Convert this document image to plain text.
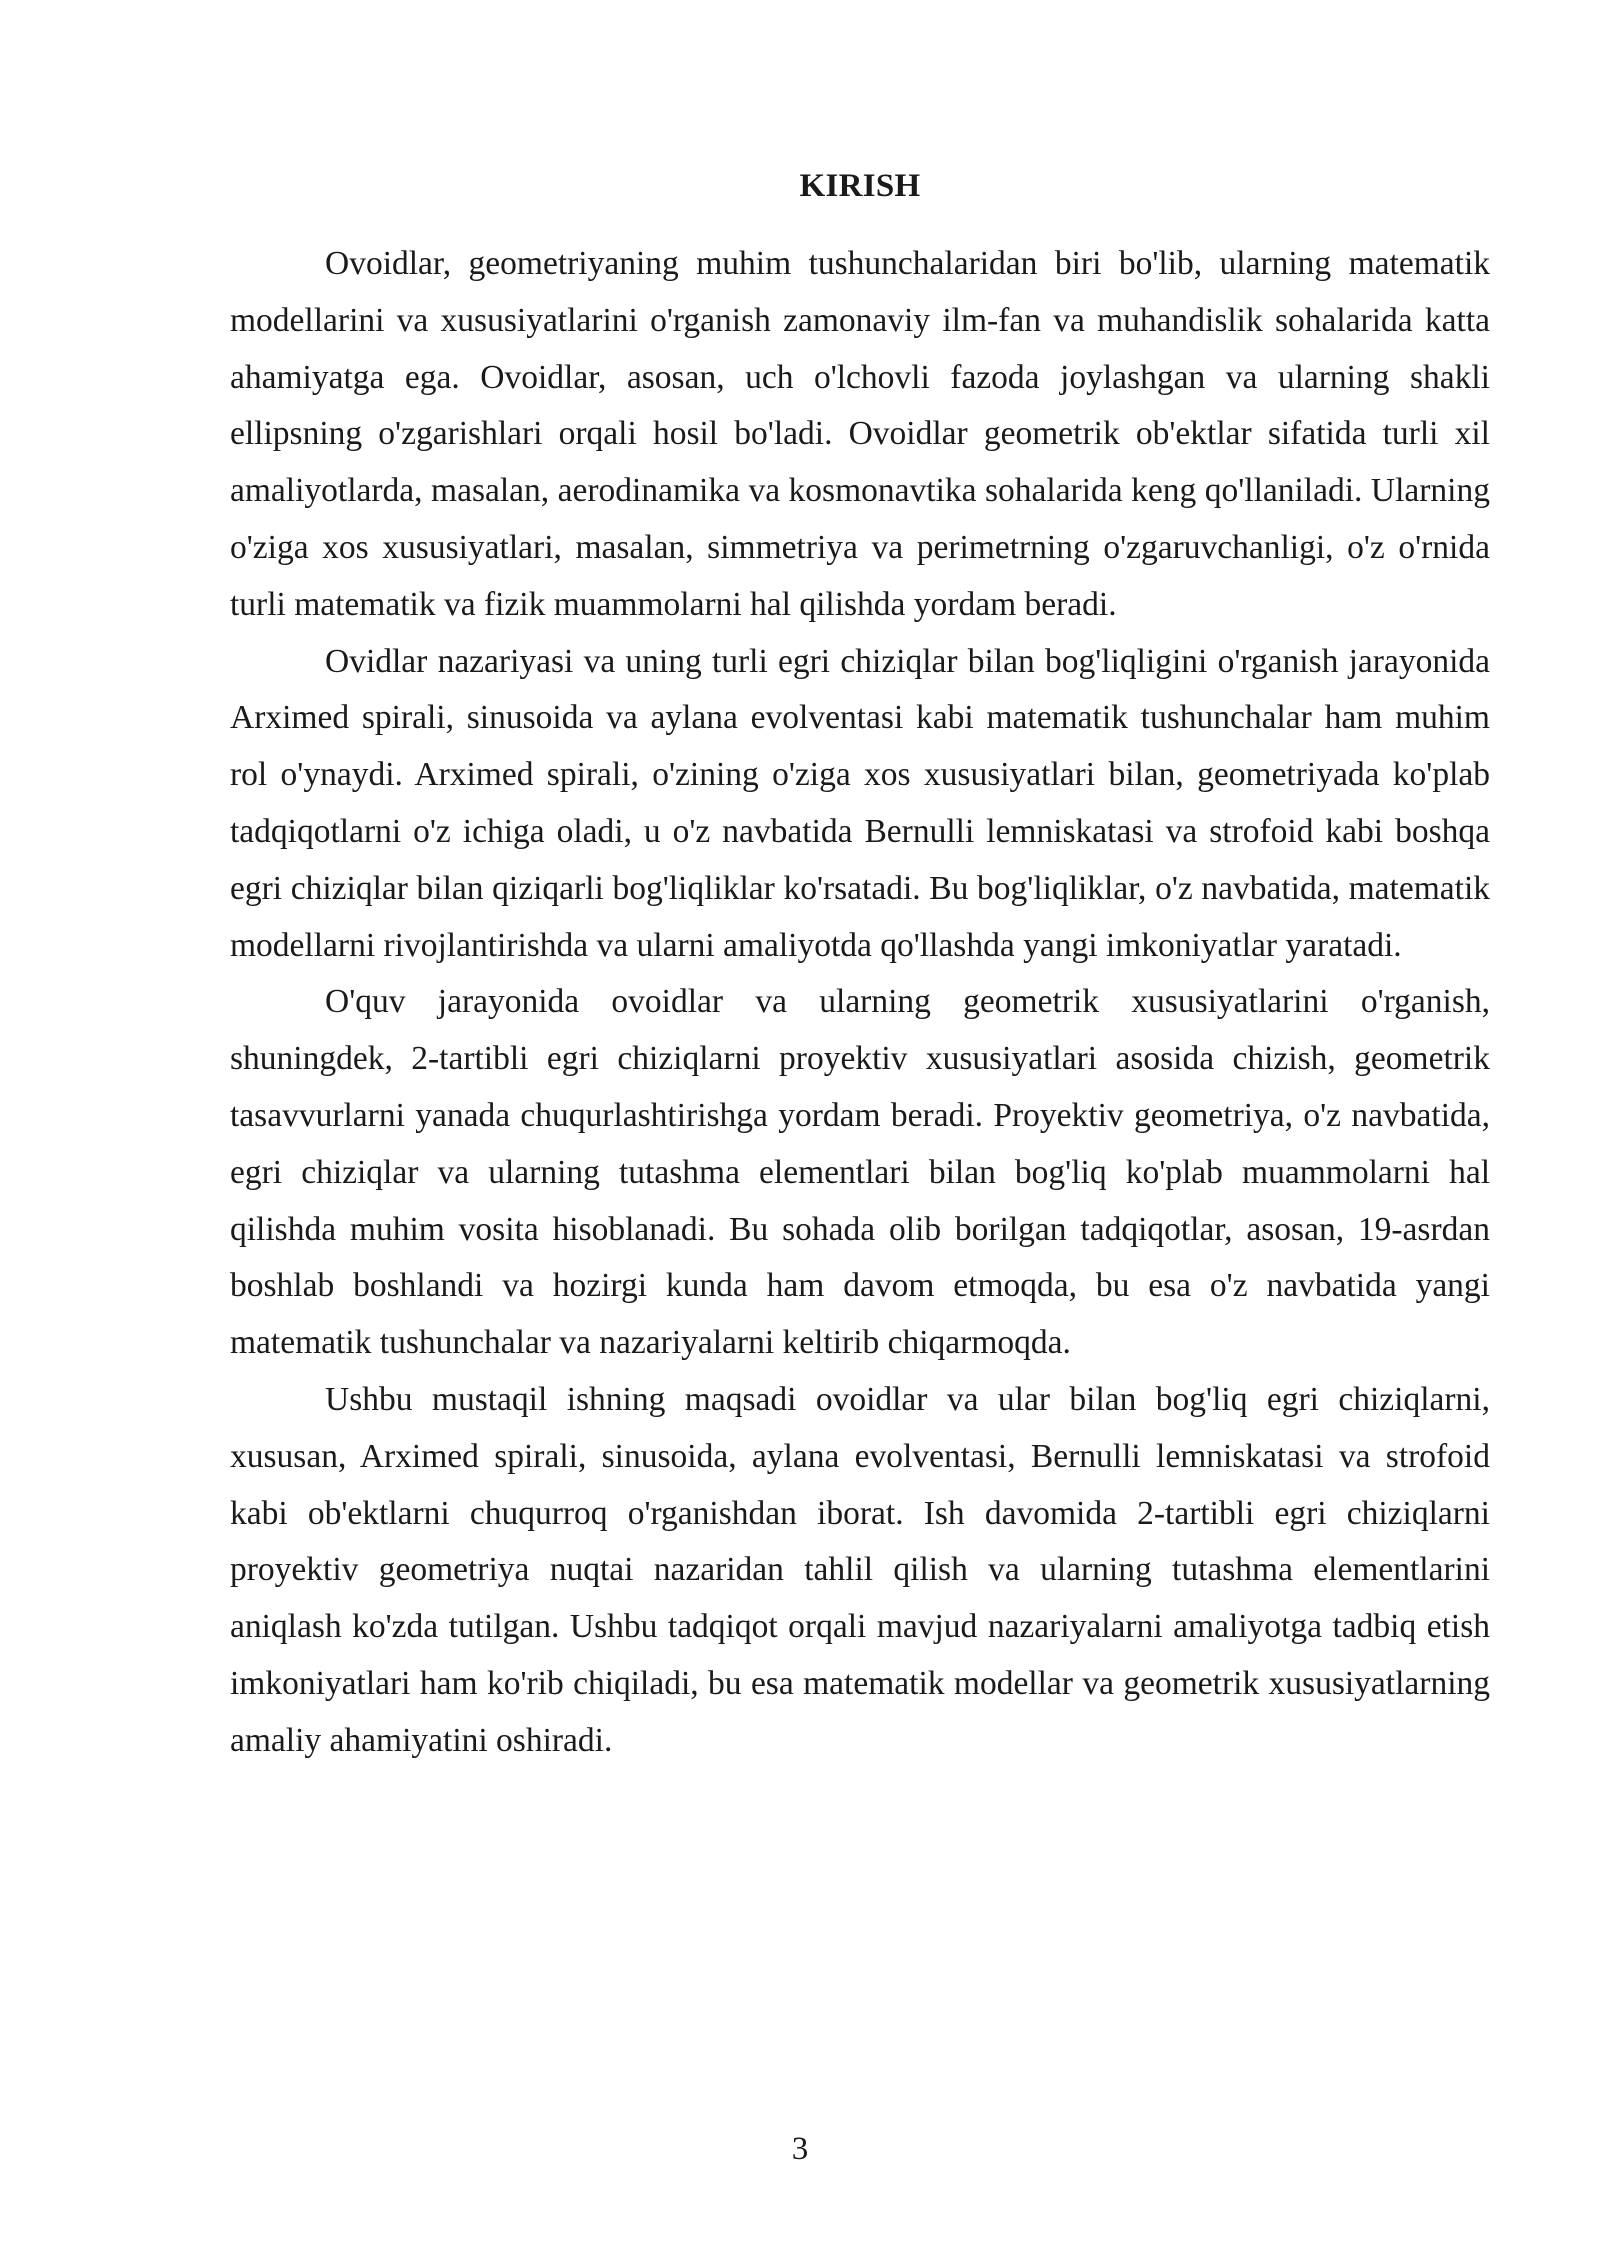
KIRISH

Ovoidlar, geometriyaning muhim tushunchalaridan biri bo'lib, ularning matematik modellarini va xususiyatlarini o'rganish zamonaviy ilm-fan va muhandislik sohalarida katta ahamiyatga ega. Ovoidlar, asosan, uch o'lchovli fazoda joylashgan va ularning shakli ellipsning o'zgarishlari orqali hosil bo'ladi. Ovoidlar geometrik ob'ektlar sifatida turli xil amaliyotlarda, masalan, aerodinamika va kosmonavtika sohalarida keng qo'llaniladi. Ularning o'ziga xos xususiyatlari, masalan, simmetriya va perimetrning o'zgaruvchanligi, o'z o'rnida turli matematik va fizik muammolarni hal qilishda yordam beradi.

Ovidlar nazariyasi va uning turli egri chiziqlar bilan bog'liqligini o'rganish jarayonida Arximed spirali, sinusoida va aylana evolventasi kabi matematik tushunchalar ham muhim rol o'ynaydi. Arximed spirali, o'zining o'ziga xos xususiyatlari bilan, geometriyada ko'plab tadqiqotlarni o'z ichiga oladi, u o'z navbatida Bernulli lemniskatasi va strofoid kabi boshqa egri chiziqlar bilan qiziqarli bog'liqliklar ko'rsatadi. Bu bog'liqliklar, o'z navbatida, matematik modellarni rivojlantirishda va ularni amaliyotda qo'llashda yangi imkoniyatlar yaratadi.

O'quv jarayonida ovoidlar va ularning geometrik xususiyatlarini o'rganish, shuningdek, 2-tartibli egri chiziqlarni proyektiv xususiyatlari asosida chizish, geometrik tasavvurlarni yanada chuqurlashtirishga yordam beradi. Proyektiv geometriya, o'z navbatida, egri chiziqlar va ularning tutashma elementlari bilan bog'liq ko'plab muammolarni hal qilishda muhim vosita hisoblanadi. Bu sohada olib borilgan tadqiqotlar, asosan, 19-asrdan boshlab boshlandi va hozirgi kunda ham davom etmoqda, bu esa o'z navbatida yangi matematik tushunchalar va nazariyalarni keltirib chiqarmoqda.

Ushbu mustaqil ishning maqsadi ovoidlar va ular bilan bog'liq egri chiziqlarni, xususan, Arximed spirali, sinusoida, aylana evolventasi, Bernulli lemniskatasi va strofoid kabi ob'ektlarni chuqurroq o'rganishdan iborat. Ish davomida 2-tartibli egri chiziqlarni proyektiv geometriya nuqtai nazaridan tahlil qilish va ularning tutashma elementlarini aniqlash ko'zda tutilgan. Ushbu tadqiqot orqali mavjud nazariyalarni amaliyotga tadbiq etish imkoniyatlari ham ko'rib chiqiladi, bu esa matematik modellar va geometrik xususiyatlarning amaliy ahamiyatini oshiradi.

3
